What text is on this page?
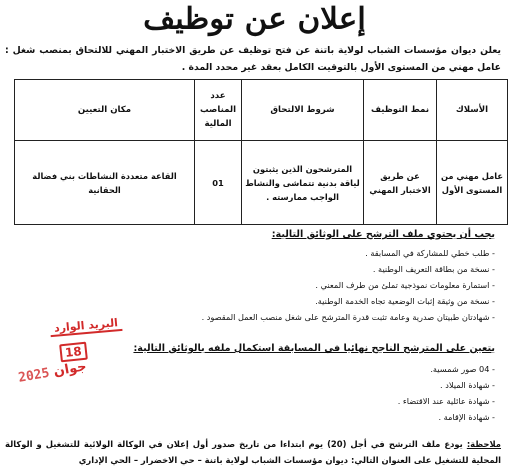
إعلان عن توظيف
يعلن ديوان مؤسسات الشباب لولاية باتنة عن فتح توظيف عن طريق الاختبار المهني للالتحاق بمنصب شغل : عامل مهني من المستوى الأول بالتوقيت الكامل بعقد غير محدد المدة .
الأسلاك	نمط التوظيف	شروط الالتحاق	عدد المناصب المالية	مكان التعيين
عامل مهني من المستوى الأول	عن طريق الاختبار المهني	المترشحون الذين يثبتون لياقة بدنية تتماشى والنشاط الواجب ممارسته .	01	القاعة متعددة النشاطات بني فضالة الحقانية
يجب أن يحتوي ملف الترشح على الوثائق التالية:
- طلب خطي للمشاركة في المسابقة .
- نسخة من بطاقة التعريف الوطنية .
- استمارة معلومات نموذجية تملئ من طرف المعني .
- نسخة من وثيقة إثبات الوضعية تجاه الخدمة الوطنية.
- شهادتان طبيتان صدرية وعامة تثبت قدرة المترشح على شغل منصب العمل المقصود .
يتعين على المترشح الناجح نهائيا في المسابقة استكمال ملفه بالوثائق التالية:
- 04 صور شمسية.
- شهادة الميلاد .
- شهادة عائلية عند الاقتضاء .
- شهادة الإقامة .
ملاحظة: يودع ملف الترشح في أجل (20) يوم ابتداءا من تاريخ صدور أول إعلان في الوكالة الولائية للتشغيل و الوكالة المحلية للتشغيل على العنوان التالي: ديوان مؤسسات الشباب لولاية باتنة – حي الاخضرار – الحي الإداري
البريد الوارد
18
2025 جوان
